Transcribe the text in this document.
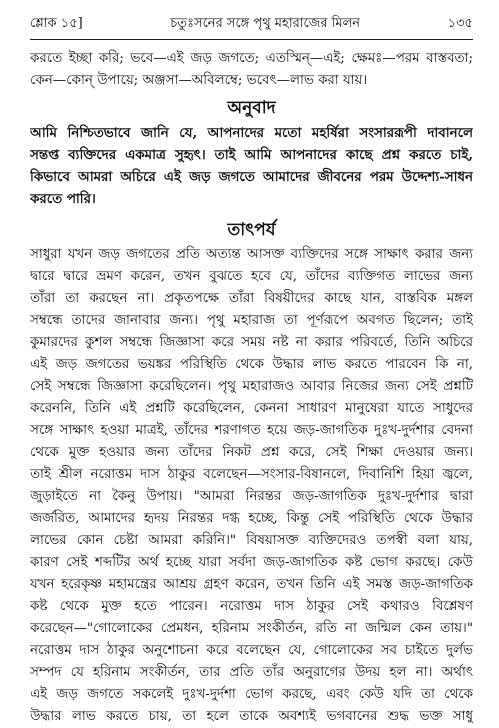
শ্লোক ১৫]	চতুঃসনের সঙ্গে পৃথু মহারাজের মিলন	১৩৫
করতে ইচ্ছা করি; ভবে—এই জড় জগতে; এতস্মিন্—এই; ক্ষেমঃ—পরম বাস্তবতা;
কেন—কোন্ উপায়ে; অঞ্জসা—অবিলম্বে; ভবেৎ—লাভ করা যায়।
অনুবাদ
আমি নিশ্চিতভাবে জানি যে, আপনাদের মতো মহর্ষিরা সংসাররূপী দাবানলে
সন্তপ্ত ব্যক্তিদের একমাত্র সুহৃৎ। তাই আমি আপনাদের কাছে প্রশ্ন করতে চাই,
কিভাবে আমরা অচিরে এই জড় জগতে আমাদের জীবনের পরম উদ্দেশ্য-সাধন
করতে পারি।
তাৎপর্য
সাধুরা যখন জড় জগতের প্রতি অত্যন্ত আসক্ত ব্যক্তিদের সঙ্গে সাক্ষাৎ করার জন্য
দ্বারে দ্বারে ভ্রমণ করেন, তখন বুঝতে হবে যে, তাঁদের ব্যক্তিগত লাভের জন্য
তাঁরা তা করছেন না। প্রকৃতপক্ষে তাঁরা বিষয়ীদের কাছে যান, বাস্তবিক মঙ্গল
সম্বন্ধে তাদের জানাবার জন্য। পৃথু মহারাজ তা পূর্ণরূপে অবগত ছিলেন; তাই
কুমারদের কুশল সম্বন্ধে জিজ্ঞাসা করে সময় নষ্ট না করার পরিবর্তে, তিনি অচিরে
এই জড় জগতের ভয়ঙ্কর পরিস্থিতি থেকে উদ্ধার লাভ করতে পারবেন কি না,
সেই সম্বন্ধে জিজ্ঞাসা করেছিলেন। পৃথু মহারাজও আবার নিজের জন্য সেই প্রশ্নটি
করেননি, তিনি এই প্রশ্নটি করেছিলেন, কেননা সাধারণ মানুষেরা যাতে সাধুদের
সঙ্গে সাক্ষাৎ হওয়া মাত্রই, তাঁদের শরণাগত হয়ে জড়-জাগতিক দুঃখ-দুর্দশার বেদনা
থেকে মুক্ত হওয়ার জন্য তাঁদের নিকট প্রশ্ন করে, সেই শিক্ষা দেওয়ার জন্য।
তাই শ্রীল নরোত্তম দাস ঠাকুর বলেছেন—সংসার-বিষানলে, দিবানিশি হিয়া জ্বলে,
জুড়াইতে না কৈনু উপায়। "আমরা নিরন্তর জড়-জাগতিক দুঃখ-দুর্দশার দ্বারা
জর্জরিত, আমাদের হৃদয় নিরন্তর দগ্ধ হচ্ছে, কিন্তু সেই পরিস্থিতি থেকে উদ্ধার
লাভের কোন চেষ্টা আমরা করিনি।" বিষয়াসক্ত ব্যক্তিদেরও তপস্বী বলা যায়,
কারণ সেই শব্দটির অর্থ হচ্ছে যারা সর্বদা জড়-জাগতিক কষ্ট ভোগ করছে। কেউ
যখন হরেকৃষ্ণ মহামন্ত্রের আশ্রয় গ্রহণ করেন, তখন তিনি এই সমস্ত জড়-জাগতিক
কষ্ট থেকে মুক্ত হতে পারেন। নরোত্তম দাস ঠাকুর সেই কথারও বিশ্লেষণ
করেছেন—"গোলোকের প্রেমধন, হরিনাম সংকীর্তন, রতি না জন্মিল কেন তায়।"
নরোত্তম দাস ঠাকুর অনুশোচনা করে বলেছেন যে, গোলোকের সব চাইতে দুর্লভ
সম্পদ যে হরিনাম সংকীর্তন, তার প্রতি তাঁর অনুরাগের উদয় হল না। অর্থাৎ
এই জড় জগতে সকলেই দুঃখ-দুর্দশা ভোগ করছে, এবং কেউ যদি তা থেকে
উদ্ধার লাভ করতে চায়, তা হলে তাকে অবশ্যই ভগবানের শুদ্ধ ভক্ত সাধু
